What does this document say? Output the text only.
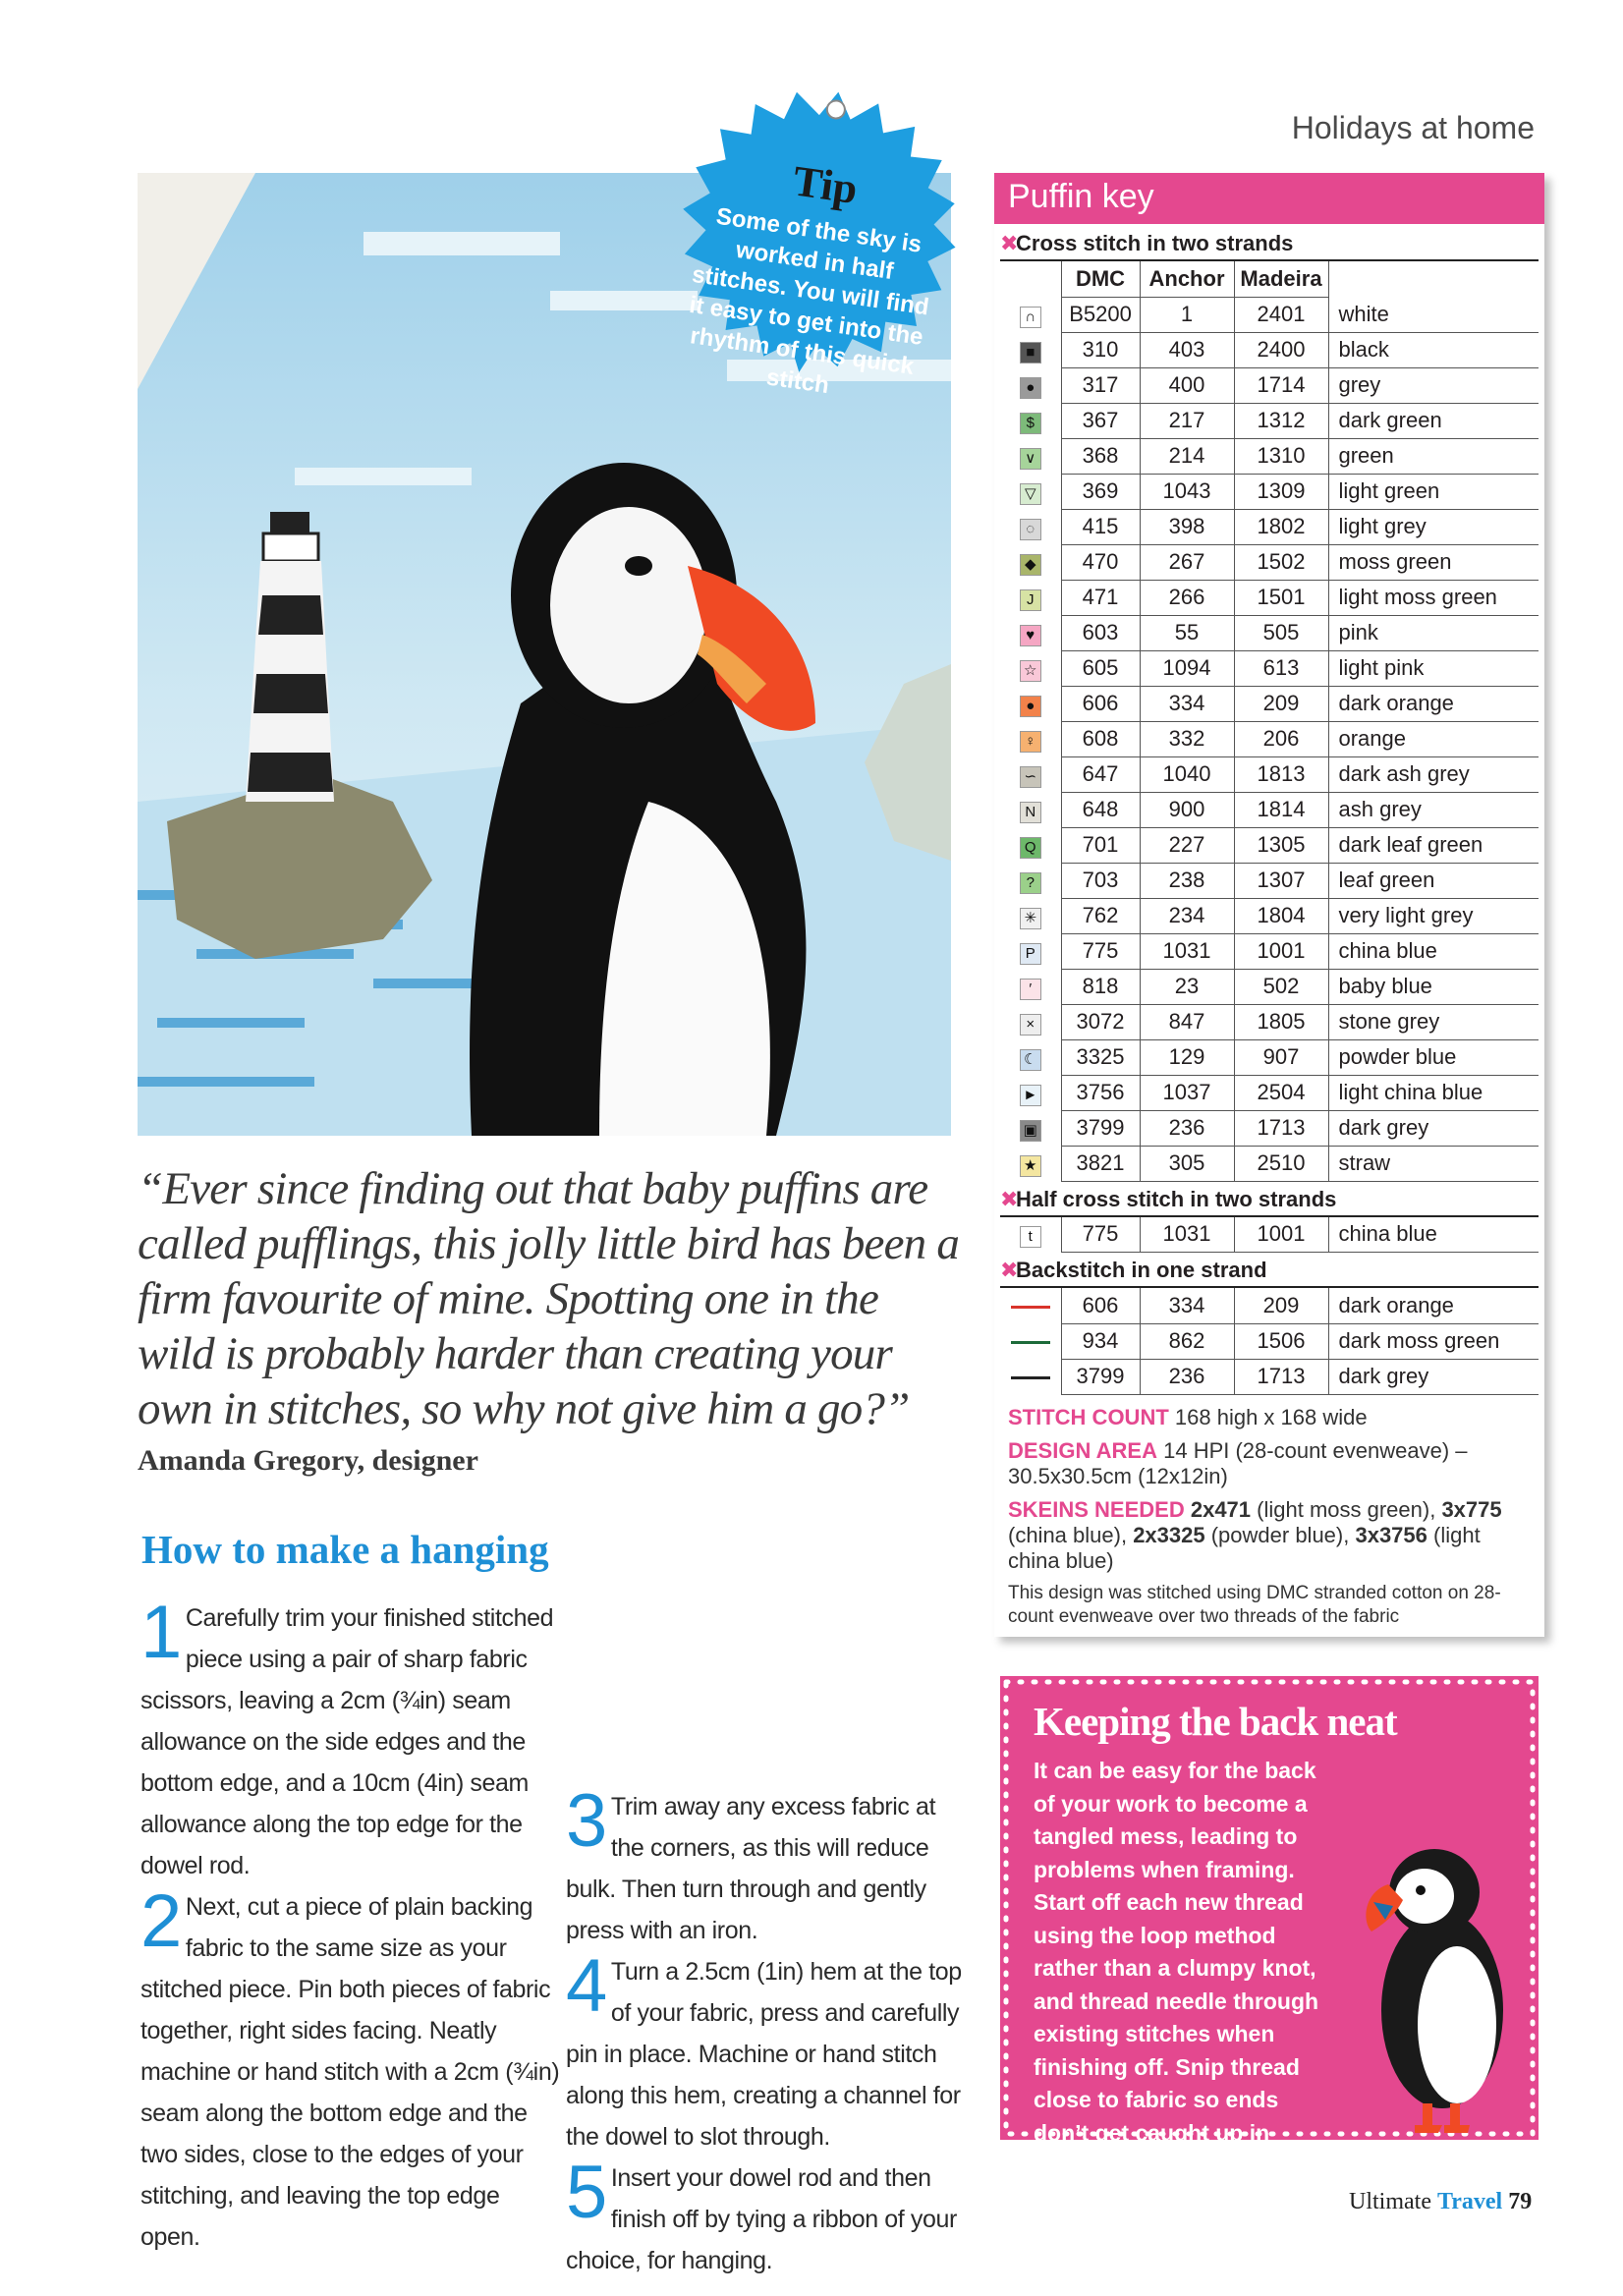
Holidays at home
Tip
Some of the sky is worked in half stitches. You will find it easy to get into the rhythm of this quick stitch
“Ever since finding out that baby puffins are called pufflings, this jolly little bird has been a firm favourite of mine. Spotting one in the wild is probably harder than creating your own in stitches, so why not give him a go?”
Amanda Gregory, designer
How to make a hanging
1 Carefully trim your finished stitched piece using a pair of sharp fabric scissors, leaving a 2cm (¾in) seam allowance on the side edges and the bottom edge, and a 10cm (4in) seam allowance along the top edge for the dowel rod.
2 Next, cut a piece of plain backing fabric to the same size as your stitched piece. Pin both pieces of fabric together, right sides facing. Neatly machine or hand stitch with a 2cm (¾in) seam along the bottom edge and the two sides, close to the edges of your stitching, and leaving the top edge open.
3 Trim away any excess fabric at the corners, as this will reduce bulk. Then turn through and gently press with an iron.
4 Turn a 2.5cm (1in) hem at the top of your fabric, press and carefully pin in place. Machine or hand stitch along this hem, creating a channel for the dowel to slot through.
5 Insert your dowel rod and then finish off by tying a ribbon of your choice, for hanging.
Puffin key
✖
Cross stitch in two strands
	DMC	Anchor	Madeira	
∩	B5200	1	2401	white
■	310	403	2400	black
●	317	400	1714	grey
$	367	217	1312	dark green
∨	368	214	1310	green
▽	369	1043	1309	light green
◌	415	398	1802	light grey
◆	470	267	1502	moss green
J	471	266	1501	light moss green
♥	603	55	505	pink
☆	605	1094	613	light pink
●	606	334	209	dark orange
♀	608	332	206	orange
∽	647	1040	1813	dark ash grey
N	648	900	1814	ash grey
Q	701	227	1305	dark leaf green
?	703	238	1307	leaf green
✳	762	234	1804	very light grey
P	775	1031	1001	china blue
′	818	23	502	baby blue
×	3072	847	1805	stone grey
☾	3325	129	907	powder blue
►	3756	1037	2504	light china blue
▣	3799	236	1713	dark grey
★	3821	305	2510	straw
✖
Half cross stitch in two strands
t	775	1031	1001	china blue
✖
Backstitch in one strand
	606	334	209	dark orange
	934	862	1506	dark moss green
	3799	236	1713	dark grey

STITCH COUNT 168 high x 168 wide

DESIGN AREA 14 HPI (28-count evenweave) – 30.5x30.5cm (12x12in)

SKEINS NEEDED 2x471 (light moss green), 3x775 (china blue), 2x3325 (powder blue), 3x3756 (light china blue)

This design was stitched using DMC stranded cotton on 28-count evenweave over two threads of the fabric

Keeping the back neat
It can be easy for the back of your work to become a tangled mess, leading to problems when framing. Start off each new thread using the loop method rather than a clumpy knot, and thread needle through existing stitches when finishing off. Snip thread close to fabric so ends don’t get caught up in other stitches later.
Ultimate Travel 79
